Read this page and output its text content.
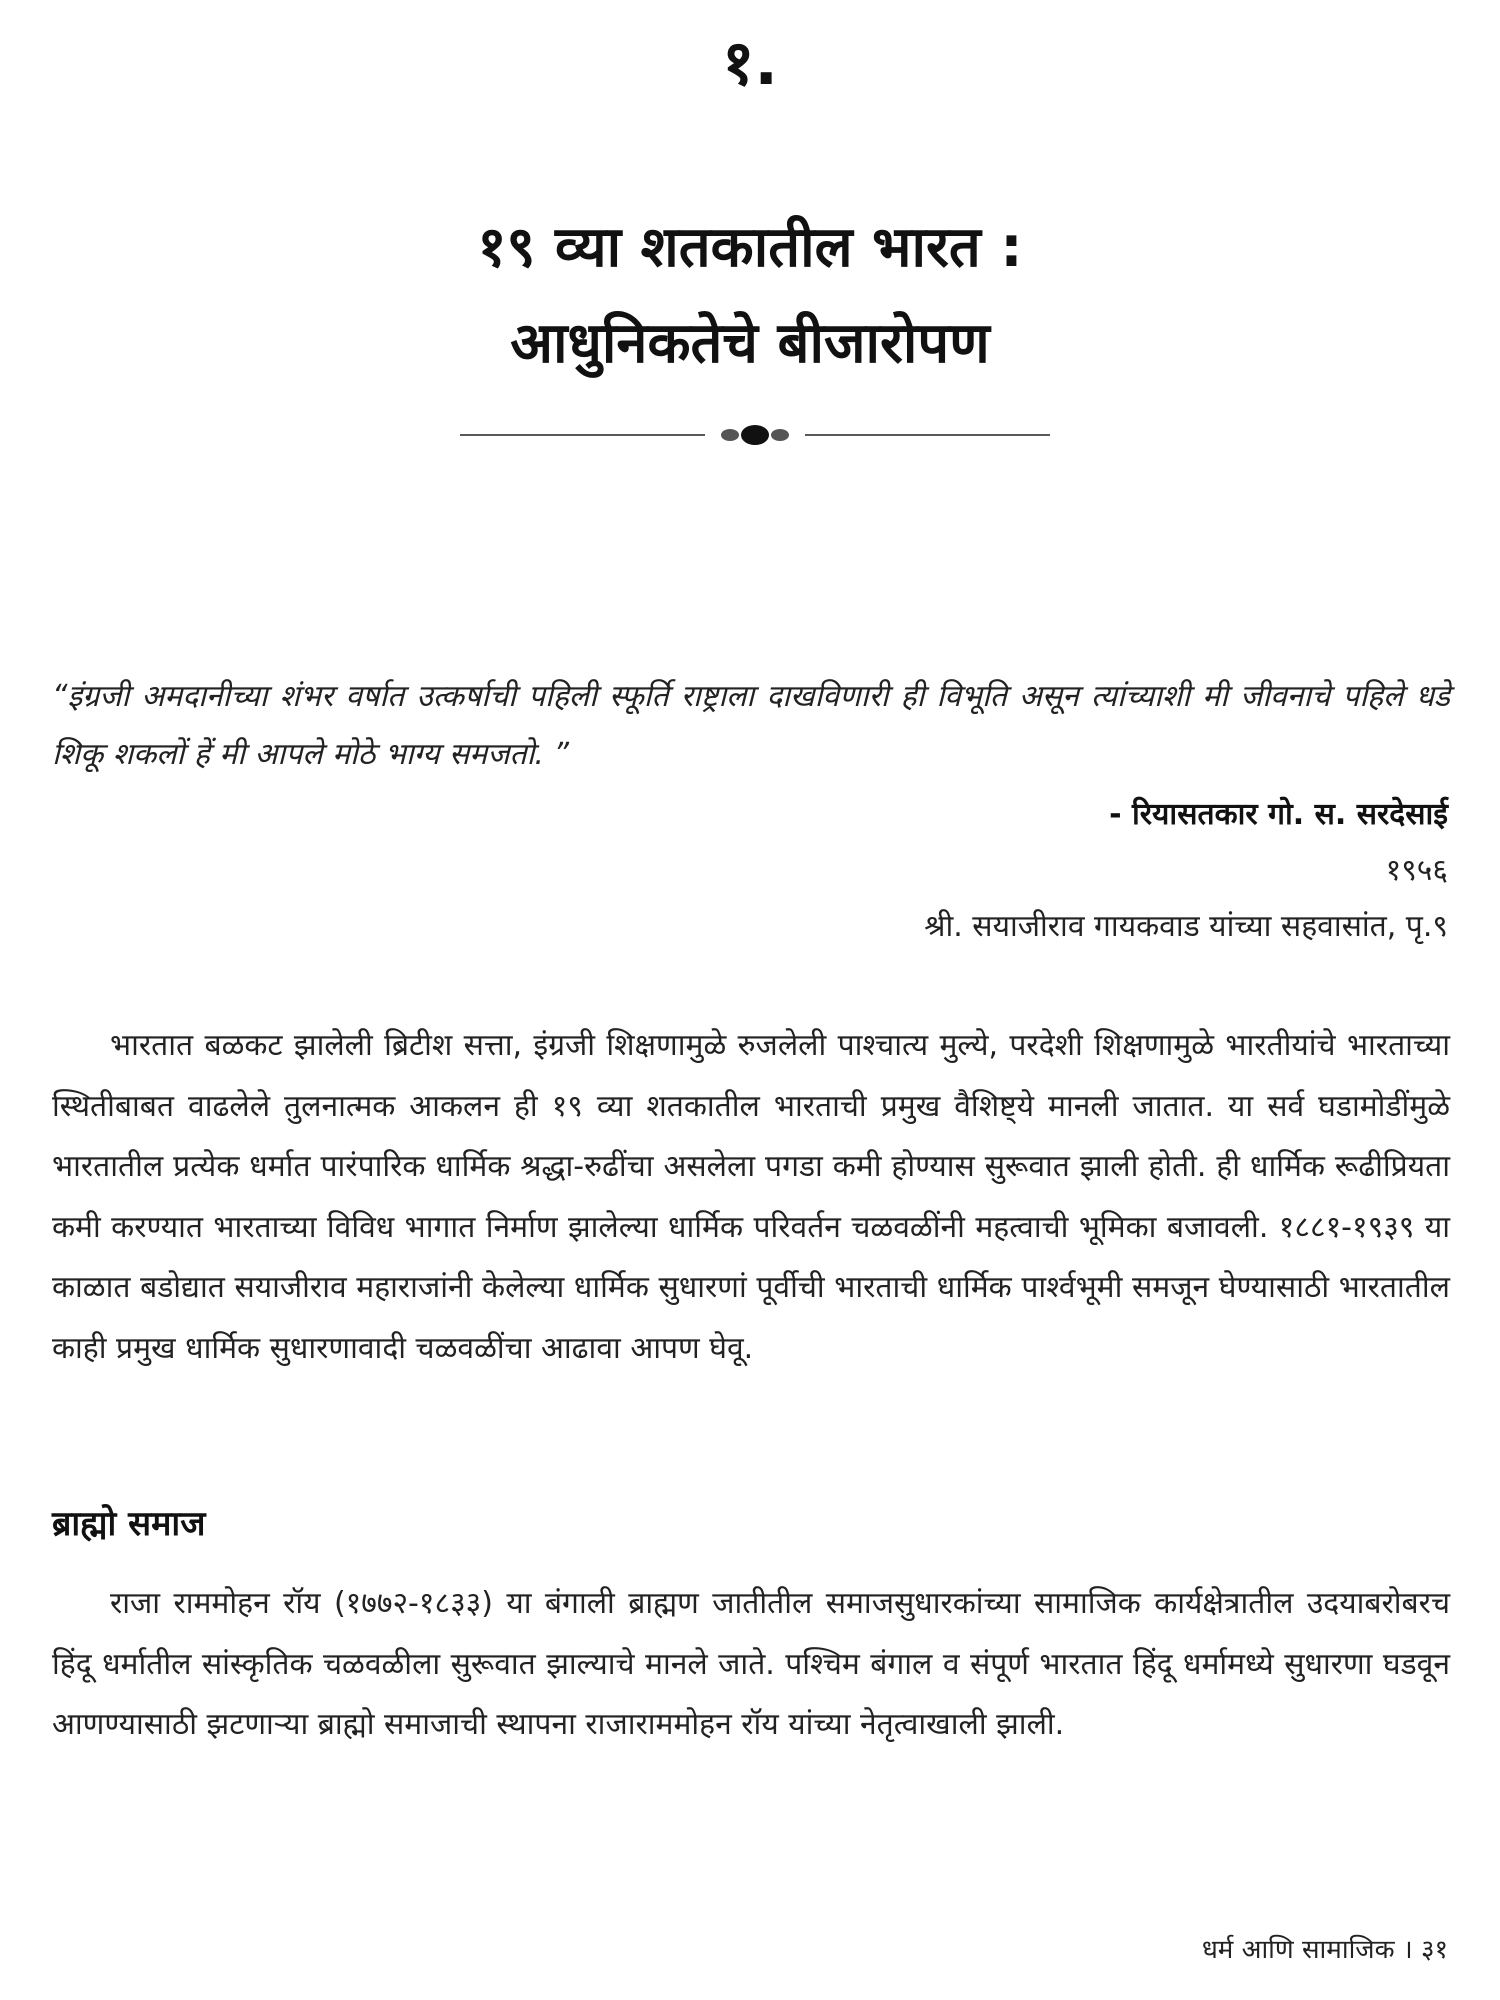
१.
१९ व्या शतकातील भारत :
आधुनिकतेचे बीजारोपण
“इंग्रजी अमदानीच्या शंभर वर्षात उत्कर्षाची पहिली स्फूर्ति राष्ट्राला दाखविणारी ही विभूति असून त्यांच्याशी मी जीवनाचे पहिले धडे शिकू शकलों हें मी आपले मोठे भाग्य समजतो. ”
- रियासतकार गो. स. सरदेसाई
१९५६
श्री. सयाजीराव गायकवाड यांच्या सहवासांत, पृ.९

भारतात बळकट झालेली ब्रिटीश सत्ता, इंग्रजी शिक्षणामुळे रुजलेली पाश्चात्य मुल्ये, परदेशी शिक्षणामुळे भारतीयांचे भारताच्या स्थितीबाबत वाढलेले तुलनात्मक आकलन ही १९ व्या शतकातील भारताची प्रमुख वैशिष्ट्ये मानली जातात. या सर्व घडामोडींमुळे भारतातील प्रत्येक धर्मात पारंपारिक धार्मिक श्रद्धा-रुढींचा असलेला पगडा कमी होण्यास सुरूवात झाली होती. ही धार्मिक रूढीप्रियता कमी करण्यात भारताच्या विविध भागात निर्माण झालेल्या धार्मिक परिवर्तन चळवळींनी महत्वाची भूमिका बजावली. १८८१-१९३९ या काळात बडोद्यात सयाजीराव महाराजांनी केलेल्या धार्मिक सुधारणां पूर्वीची भारताची धार्मिक पार्श्वभूमी समजून घेण्यासाठी भारतातील काही प्रमुख धार्मिक सुधारणावादी चळवळींचा आढावा आपण घेवू.

ब्राह्मो समाज

राजा राममोहन रॉय (१७७२-१८३३) या बंगाली ब्राह्मण जातीतील समाजसुधारकांच्या सामाजिक कार्यक्षेत्रातील उदयाबरोबरच हिंदू धर्मातील सांस्कृतिक चळवळीला सुरूवात झाल्याचे मानले जाते. पश्चिम बंगाल व संपूर्ण भारतात हिंदू धर्मामध्ये सुधारणा घडवून आणण्यासाठी झटणाऱ्या ब्राह्मो समाजाची स्थापना राजाराममोहन रॉय यांच्या नेतृत्वाखाली झाली.

धर्म आणि सामाजिक । ३१
